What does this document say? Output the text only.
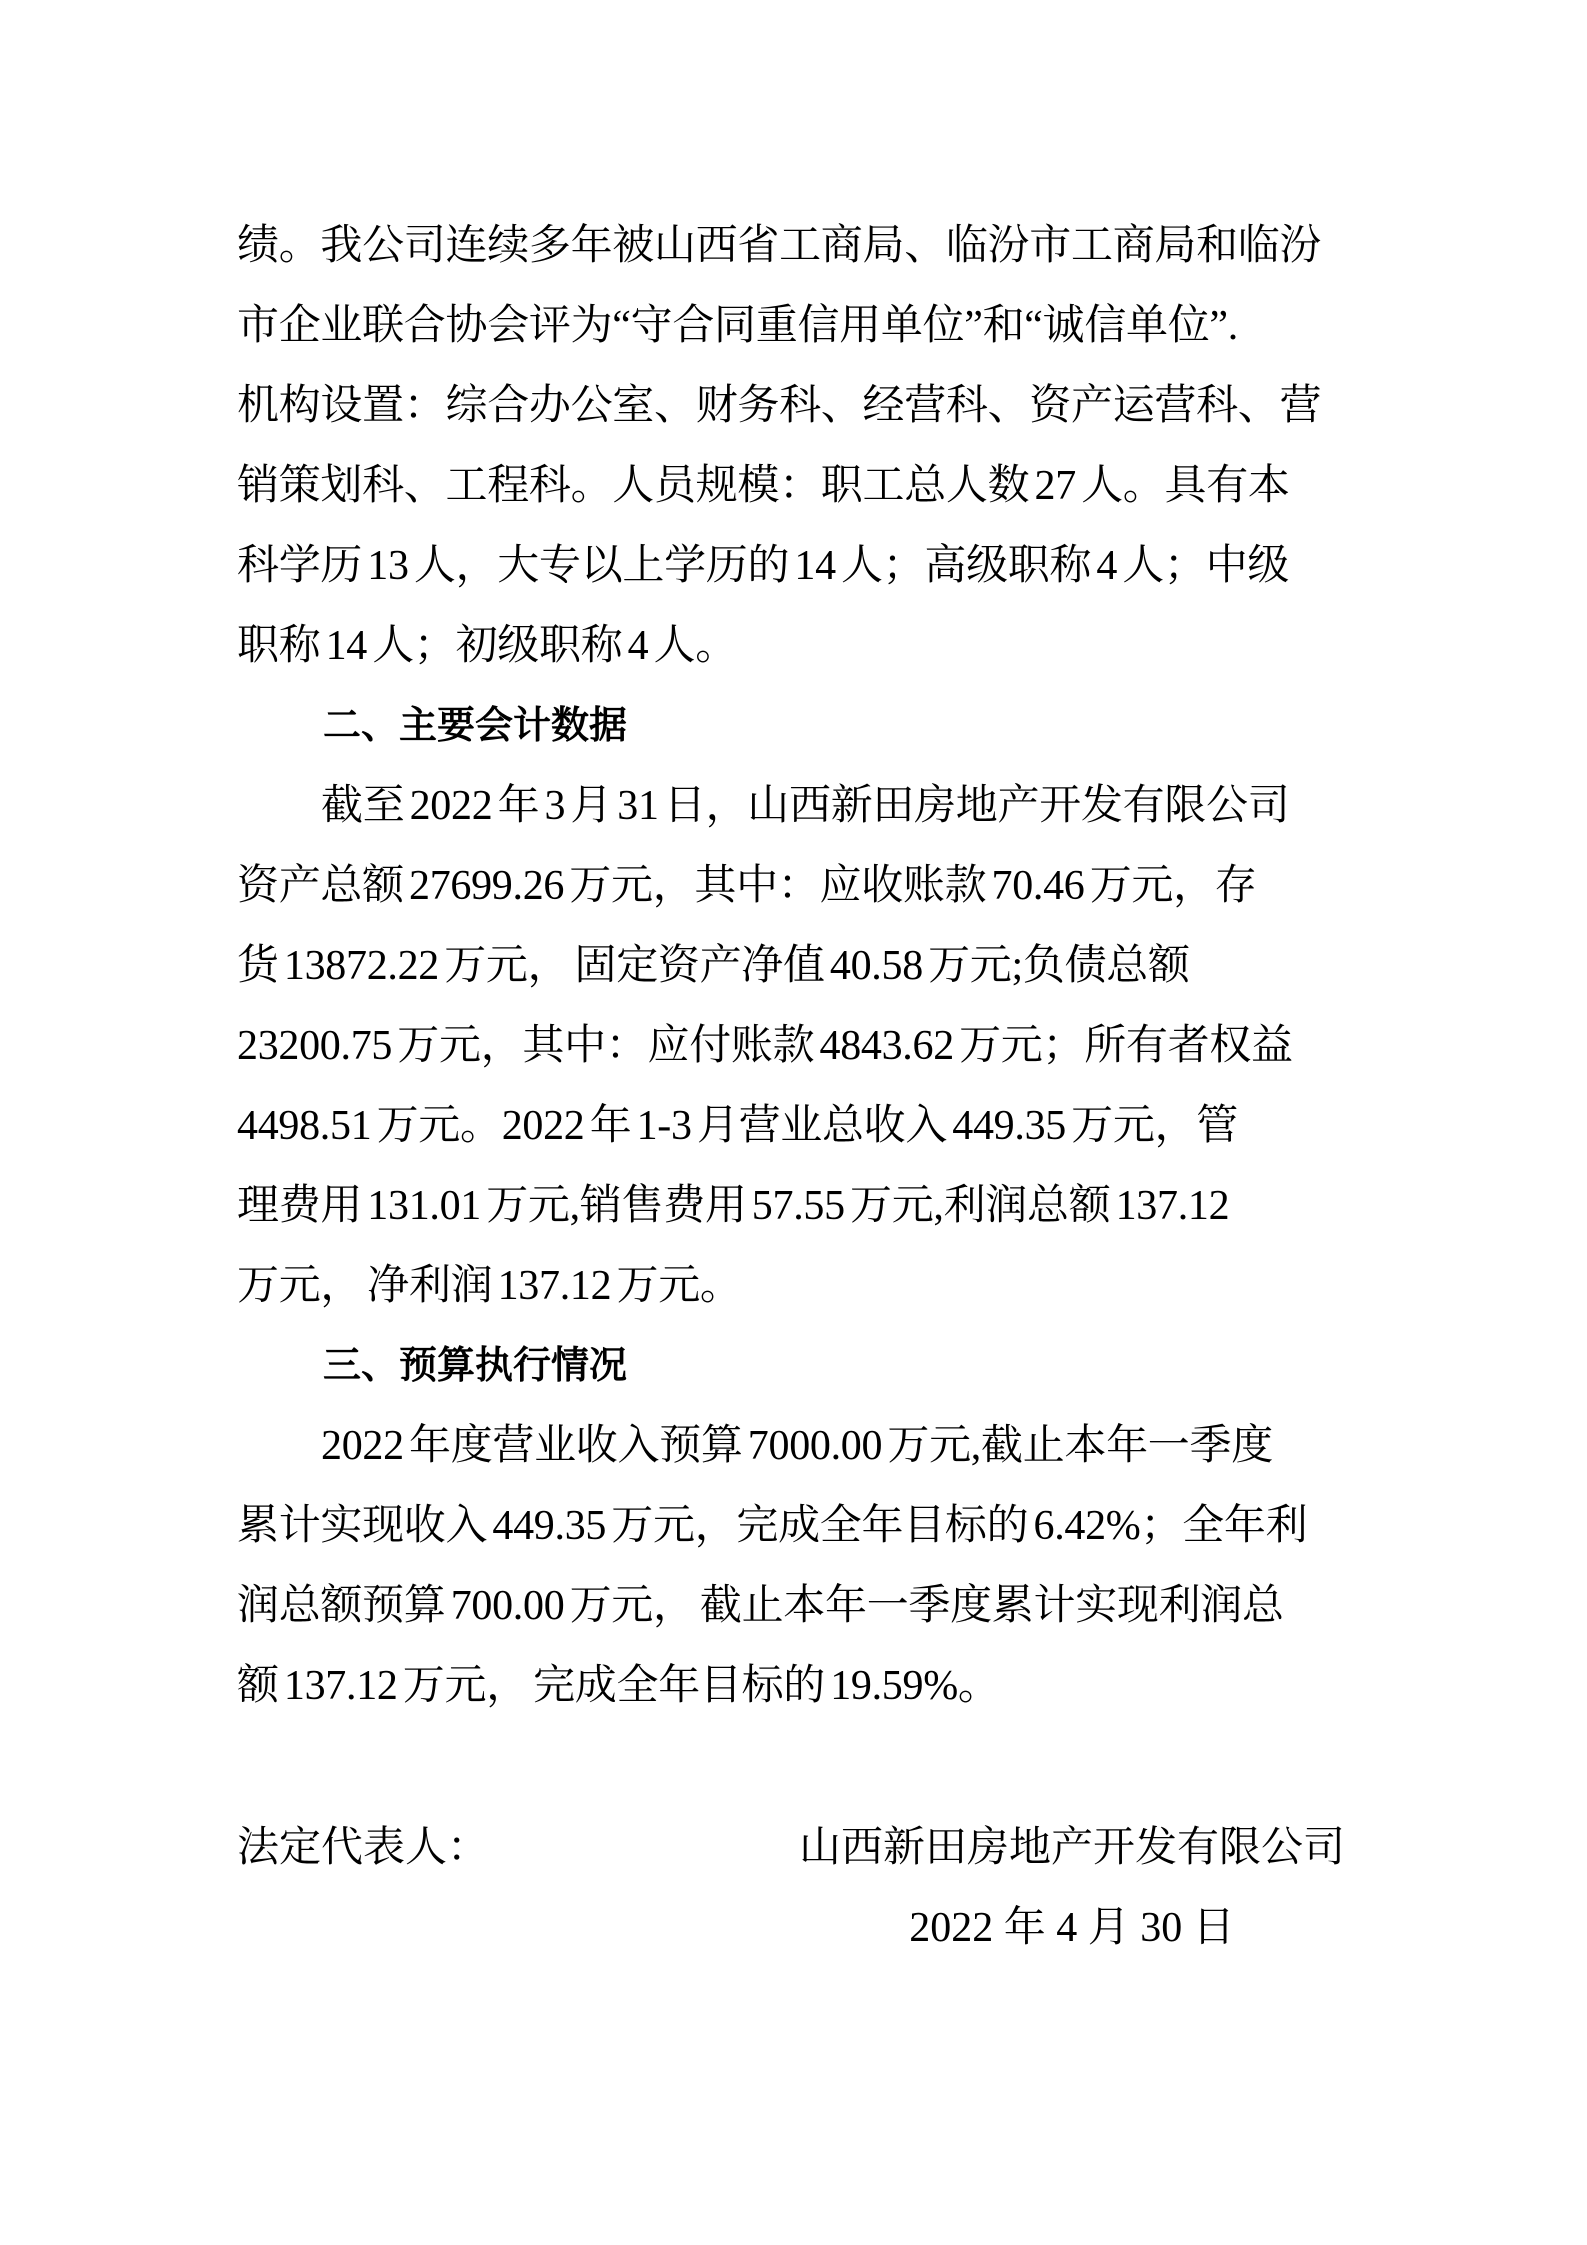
绩。我公司连续多年被山西省工商局、临汾市工商局和临汾
市企业联合协会评为“守合同重信用单位”和“诚信单位”.
机构设置：综合办公室、财务科、经营科、资产运营科、营
销策划科、工程科。人员规模：职工总人数 27 人。具有本
科学历 13 人，大专以上学历的 14 人；高级职称 4 人；中级
职称 14 人；初级职称 4 人。
二、主要会计数据
截至 2022 年 3 月 31 日，山西新田房地产开发有限公司
资产总额 27699.26 万元，其中：应收账款 70.46 万元，存
货 13872.22 万元， 固定资产净值 40.58 万元;负债总额
23200.75 万元，其中：应付账款 4843.62 万元；所有者权益
4498.51 万元。2022 年 1-3 月营业总收入 449.35 万元，管
理费用 131.01 万元,销售费用 57.55 万元,利润总额 137.12
万元， 净利润 137.12 万元。
三、预算执行情况
2022 年度营业收入预算 7000.00 万元,截止本年一季度
累计实现收入 449.35 万元，完成全年目标的 6.42%；全年利
润总额预算 700.00 万元， 截止本年一季度累计实现利润总
额 137.12 万元， 完成全年目标的 19.59%。
法定代表人：	山西新田房地产开发有限公司
2022 年 4 月 30 日
